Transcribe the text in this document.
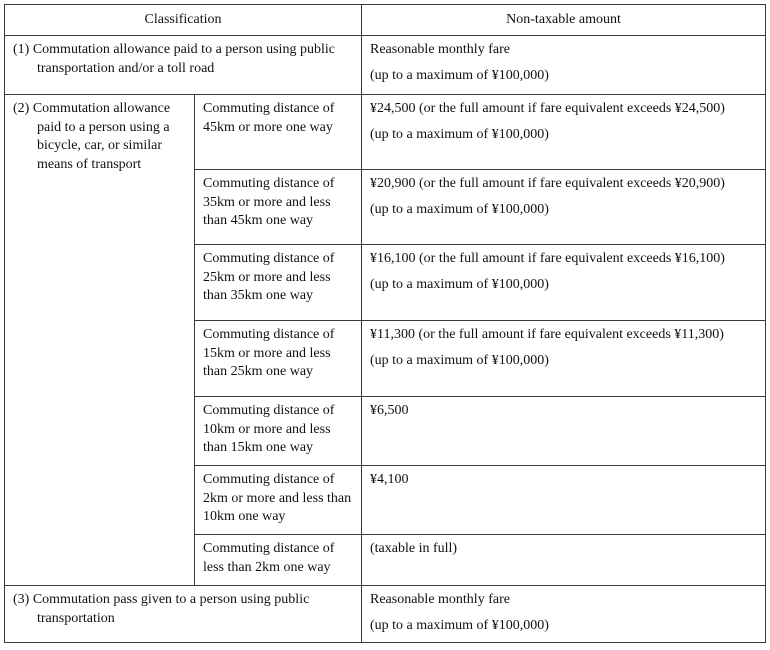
Classification		Non-taxable amount

(1) Commutation allowance paid to a person using public transportation and/or a toll road		Reasonable monthly fare
(up to a maximum of ¥100,000)

(2) Commutation allowance paid to a person using a bicycle, car, or similar means of transport	Commuting distance of 45km or more one way	¥24,500 (or the full amount if fare equivalent exceeds ¥24,500)
(up to a maximum of ¥100,000)

	Commuting distance of 35km or more and less than 45km one way	¥20,900 (or the full amount if fare equivalent exceeds ¥20,900)
(up to a maximum of ¥100,000)

	Commuting distance of 25km or more and less than 35km one way	¥16,100 (or the full amount if fare equivalent exceeds ¥16,100)
(up to a maximum of ¥100,000)

	Commuting distance of 15km or more and less than 25km one way	¥11,300 (or the full amount if fare equivalent exceeds ¥11,300)
(up to a maximum of ¥100,000)

	Commuting distance of 10km or more and less than 15km one way	¥6,500

	Commuting distance of 2km or more and less than 10km one way	¥4,100

	Commuting distance of less than 2km one way	(taxable in full)

(3) Commutation pass given to a person using public transportation		Reasonable monthly fare
(up to a maximum of ¥100,000)
